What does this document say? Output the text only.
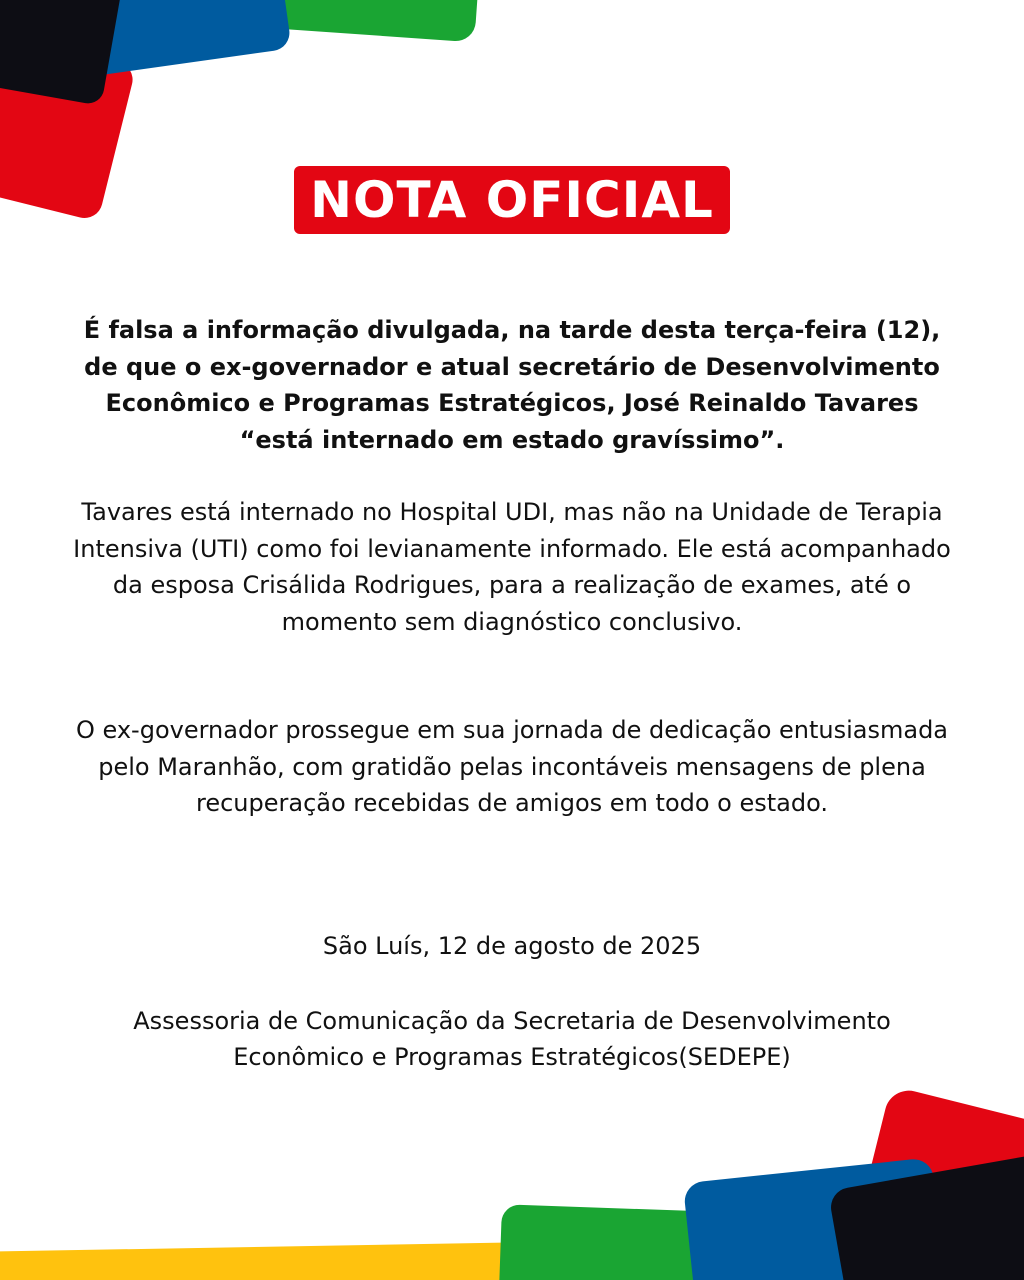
NOTA OFICIAL

É falsa a informação divulgada, na tarde desta terça-feira (12), de que o ex-governador e atual secretário de Desenvolvimento Econômico e Programas Estratégicos, José Reinaldo Tavares “está internado em estado gravíssimo”.

Tavares está internado no Hospital UDI, mas não na Unidade de Terapia Intensiva (UTI) como foi levianamente informado. Ele está acompanhado da esposa Crisálida Rodrigues, para a realização de exames, até o momento sem diagnóstico conclusivo.

O ex-governador prossegue em sua jornada de dedicação entusiasmada pelo Maranhão, com gratidão pelas incontáveis mensagens de plena recuperação recebidas de amigos em todo o estado.

São Luís, 12 de agosto de 2025

Assessoria de Comunicação da Secretaria de Desenvolvimento
Econômico e Programas Estratégicos(SEDEPE)
